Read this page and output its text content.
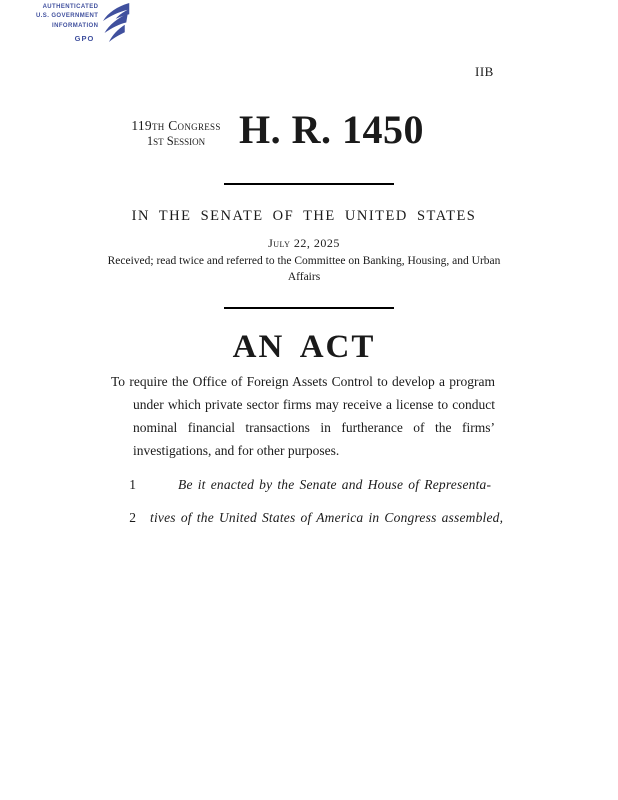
AUTHENTICATED
U.S. GOVERNMENT
INFORMATION
GPO
IIB
119th Congress
1st Session H. R. 1450
IN THE SENATE OF THE UNITED STATES
July 22, 2025
Received; read twice and referred to the Committee on Banking, Housing, and Urban Affairs
AN ACT

To require the Office of Foreign Assets Control to develop a program under which private sector firms may receive a license to conduct nominal financial transactions in furtherance of the firms’ investigations, and for other purposes.

1	Be it enacted by the Senate and House of Representa-
2 tives of the United States of America in Congress assembled,
